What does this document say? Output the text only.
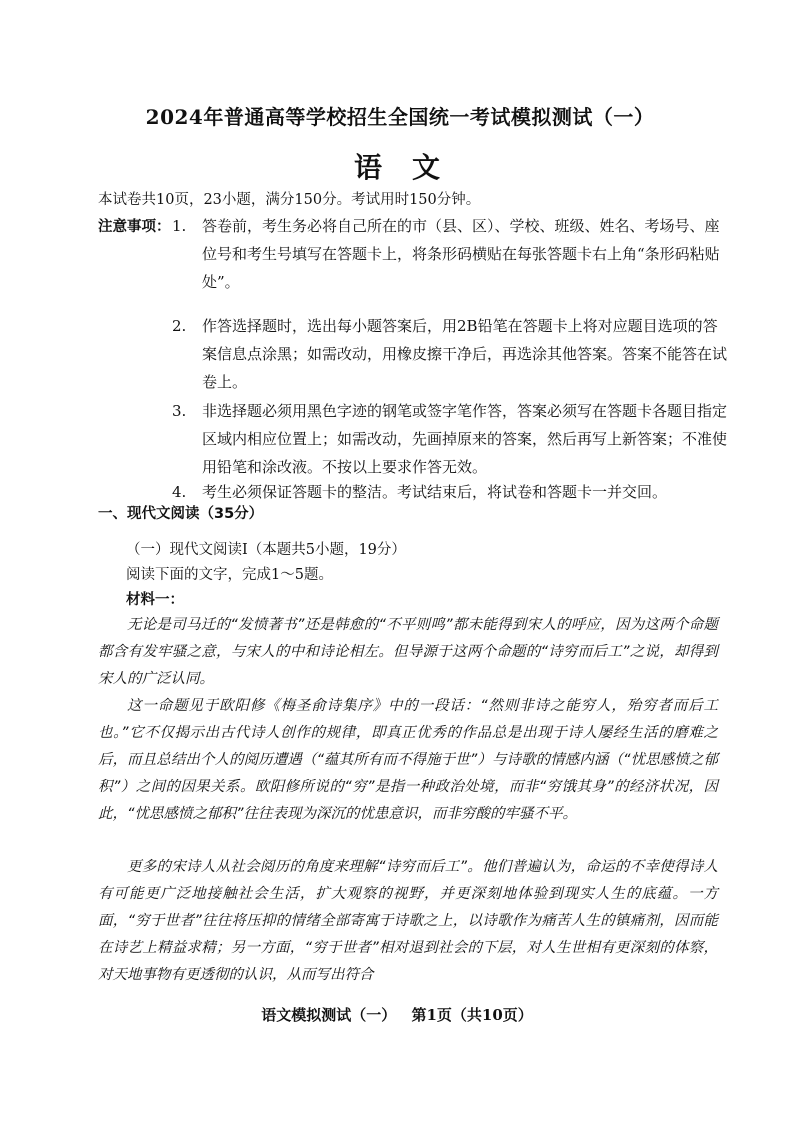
2024年普通高等学校招生全国统一考试模拟测试（一）
语文
本试卷共10页，23小题，满分150分。考试用时150分钟。
注意事项： 1. 答卷前，考生务必将自己所在的市（县、区）、学校、班级、姓名、考场号、座位号和考生号填写在答题卡上，将条形码横贴在每张答题卡右上角“条形码粘贴处”。
2. 作答选择题时，选出每小题答案后，用2B铅笔在答题卡上将对应题目选项的答案信息点涂黑；如需改动，用橡皮擦干净后，再选涂其他答案。答案不能答在试卷上。
3. 非选择题必须用黑色字迹的钢笔或签字笔作答，答案必须写在答题卡各题目指定区域内相应位置上；如需改动，先画掉原来的答案，然后再写上新答案；不准使用铅笔和涂改液。不按以上要求作答无效。
4. 考生必须保证答题卡的整洁。考试结束后，将试卷和答题卡一并交回。
一、现代文阅读（35分）
（一）现代文阅读Ⅰ（本题共5小题，19分）
阅读下面的文字，完成1～5题。
材料一：
无论是司马迁的“发愤著书”还是韩愈的“不平则鸣”都未能得到宋人的呼应，因为这两个命题都含有发牢骚之意，与宋人的中和诗论相左。但导源于这两个命题的“诗穷而后工”之说，却得到宋人的广泛认同。
这一命题见于欧阳修《梅圣俞诗集序》中的一段话：“然则非诗之能穷人，殆穷者而后工也。”它不仅揭示出古代诗人创作的规律，即真正优秀的作品总是出现于诗人屡经生活的磨难之后，而且总结出个人的阅历遭遇（“蕴其所有而不得施于世”）与诗歌的情感内涵（“忧思感愤之郁积”）之间的因果关系。欧阳修所说的“穷”是指一种政治处境，而非“穷饿其身”的经济状况，因此，“忧思感愤之郁积”往往表现为深沉的忧患意识，而非穷酸的牢骚不平。
更多的宋诗人从社会阅历的角度来理解“诗穷而后工”。他们普遍认为，命运的不幸使得诗人有可能更广泛地接触社会生活，扩大观察的视野，并更深刻地体验到现实人生的底蕴。一方面，“穷于世者”往往将压抑的情绪全部寄寓于诗歌之上，以诗歌作为痛苦人生的镇痛剂，因而能在诗艺上精益求精；另一方面，“穷于世者”相对退到社会的下层，对人生世相有更深刻的体察，对天地事物有更透彻的认识，从而写出符合
语文模拟测试（一） 第1页（共10页）
